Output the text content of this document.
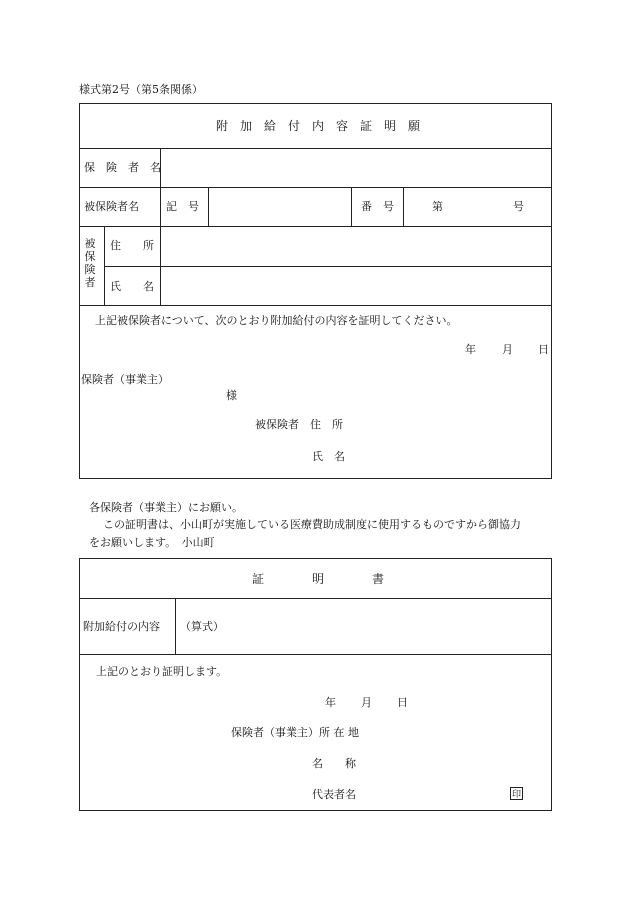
様式第2号（第5条関係）
附　加　給　付　内　容　証　明　願
保　険　者　名
被保険者名 記　号	番　号	第	号
被
保
険
者
住　　所
氏　　名
上記被保険者について、次のとおり附加給付の内容を証明してください。
年 月 日
保険者（事業主）
様
被保険者　住　所
氏　名
各保険者（事業主）にお願い。
この証明書は、小山町が実施している医療費助成制度に使用するものですから御協力
をお願いします。　小山町
証　　　　明　　　　書
附加給付の内容 （算式）
上記のとおり証明します。
年 月 日
保険者（事業主）所 在 地
名　　称
代表者名	印
